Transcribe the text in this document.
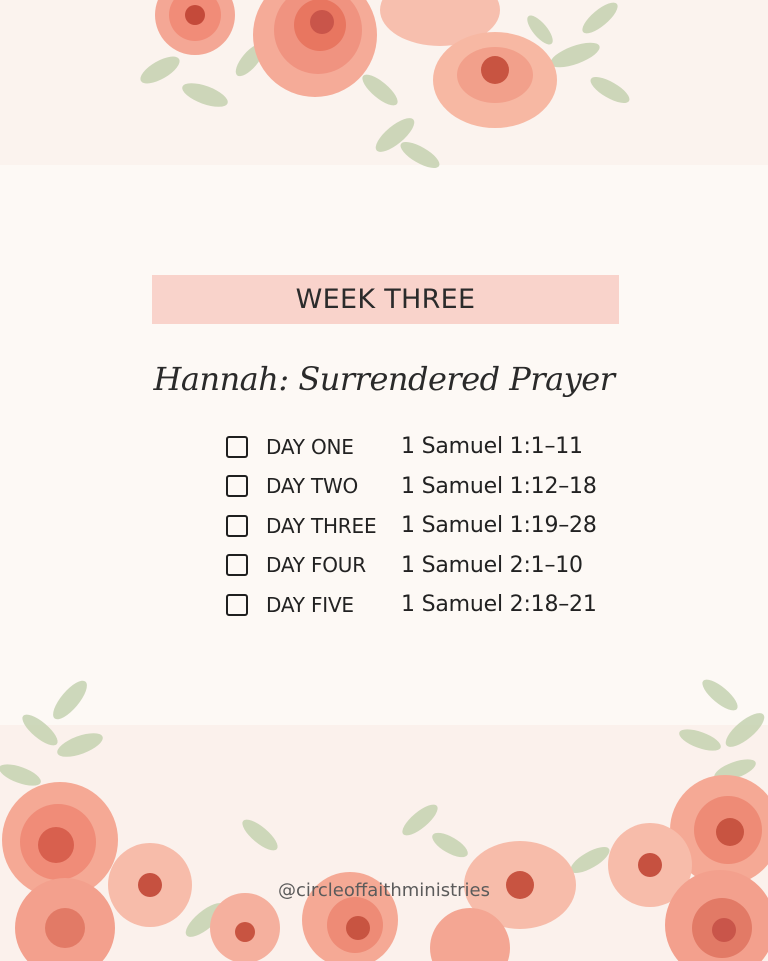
WEEK THREE
Hannah: Surrendered Prayer
DAY ONE	1 Samuel 1:1–11
DAY TWO	1 Samuel 1:12–18
DAY THREE	1 Samuel 1:19–28
DAY FOUR	1 Samuel 2:1–10
DAY FIVE	1 Samuel 2:18–21
@circleoffaithministries
